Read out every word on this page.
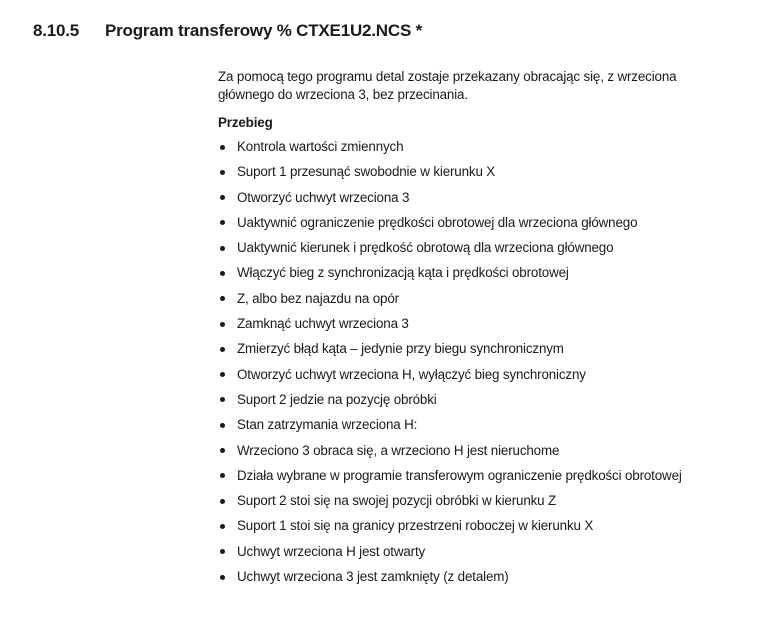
8.10.5 Program transferowy % CTXE1U2.NCS *

Za pomocą tego programu detal zostaje przekazany obracając się, z wrzeciona głównego do wrzeciona 3, bez przecinania.

Przebieg
Kontrola wartości zmiennych
Suport 1 przesunąć swobodnie w kierunku X
Otworzyć uchwyt wrzeciona 3
Uaktywnić ograniczenie prędkości obrotowej dla wrzeciona głównego
Uaktywnić kierunek i prędkość obrotową dla wrzeciona głównego
Włączyć bieg z synchronizacją kąta i prędkości obrotowej
Z, albo bez najazdu na opór
Zamknąć uchwyt wrzeciona 3
Zmierzyć błąd kąta – jedynie przy biegu synchronicznym
Otworzyć uchwyt wrzeciona H, wyłączyć bieg synchroniczny
Suport 2 jedzie na pozycję obróbki
Stan zatrzymania wrzeciona H:
Wrzeciono 3 obraca się, a wrzeciono H jest nieruchome
Działa wybrane w programie transferowym ograniczenie prędkości obrotowej
Suport 2 stoi się na swojej pozycji obróbki w kierunku Z
Suport 1 stoi się na granicy przestrzeni roboczej w kierunku X
Uchwyt wrzeciona H jest otwarty
Uchwyt wrzeciona 3 jest zamknięty (z detalem)
